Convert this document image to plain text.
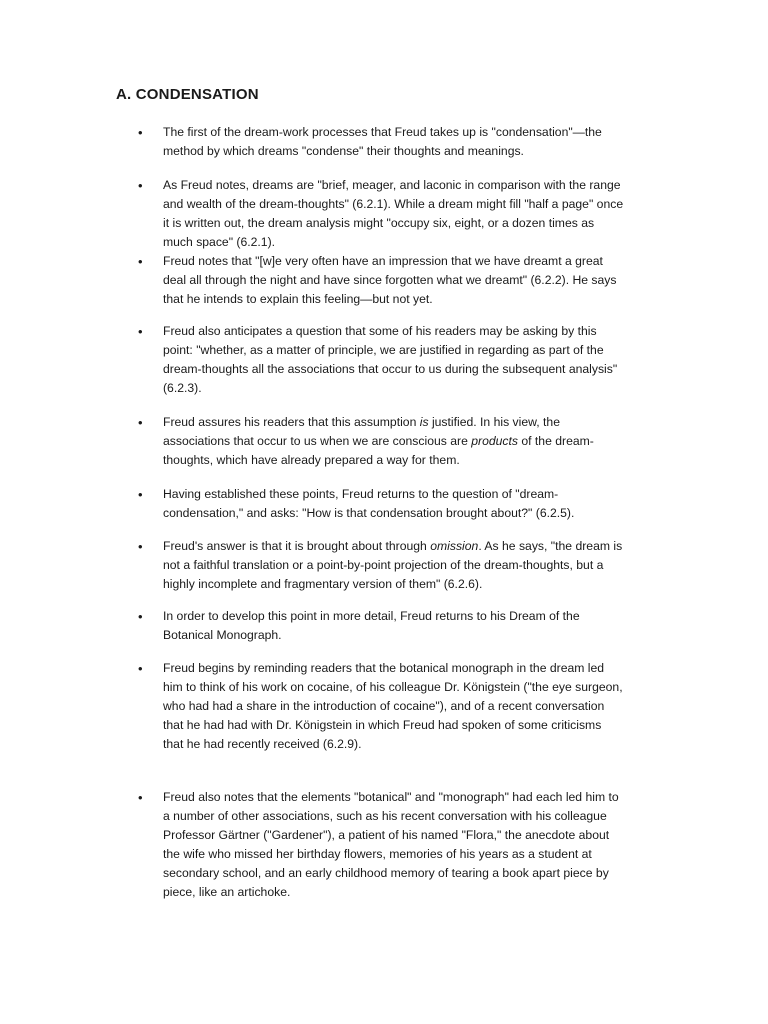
A. CONDENSATION
• The first of the dream-work processes that Freud takes up is "condensation"—the
method by which dreams "condense" their thoughts and meanings.

• As Freud notes, dreams are "brief, meager, and laconic in comparison with the range
and wealth of the dream-thoughts" (6.2.1). While a dream might fill "half a page" once
it is written out, the dream analysis might "occupy six, eight, or a dozen times as
much space" (6.2.1).

• Freud notes that "[w]e very often have an impression that we have dreamt a great
deal all through the night and have since forgotten what we dreamt" (6.2.2). He says
that he intends to explain this feeling—but not yet.

• Freud also anticipates a question that some of his readers may be asking by this
point: "whether, as a matter of principle, we are justified in regarding as part of the
dream-thoughts all the associations that occur to us during the subsequent analysis"
(6.2.3).

• Freud assures his readers that this assumption is justified. In his view, the
associations that occur to us when we are conscious are products of the dream-
thoughts, which have already prepared a way for them.

• Having established these points, Freud returns to the question of "dream-
condensation," and asks: "How is that condensation brought about?" (6.2.5).

• Freud's answer is that it is brought about through omission. As he says, "the dream is
not a faithful translation or a point-by-point projection of the dream-thoughts, but a
highly incomplete and fragmentary version of them" (6.2.6).

• In order to develop this point in more detail, Freud returns to his Dream of the
Botanical Monograph.

• Freud begins by reminding readers that the botanical monograph in the dream led
him to think of his work on cocaine, of his colleague Dr. Königstein ("the eye surgeon,
who had had a share in the introduction of cocaine"), and of a recent conversation
that he had had with Dr. Königstein in which Freud had spoken of some criticisms
that he had recently received (6.2.9).

• Freud also notes that the elements "botanical" and "monograph" had each led him to
a number of other associations, such as his recent conversation with his colleague
Professor Gärtner ("Gardener"), a patient of his named "Flora," the anecdote about
the wife who missed her birthday flowers, memories of his years as a student at
secondary school, and an early childhood memory of tearing a book apart piece by
piece, like an artichoke.
